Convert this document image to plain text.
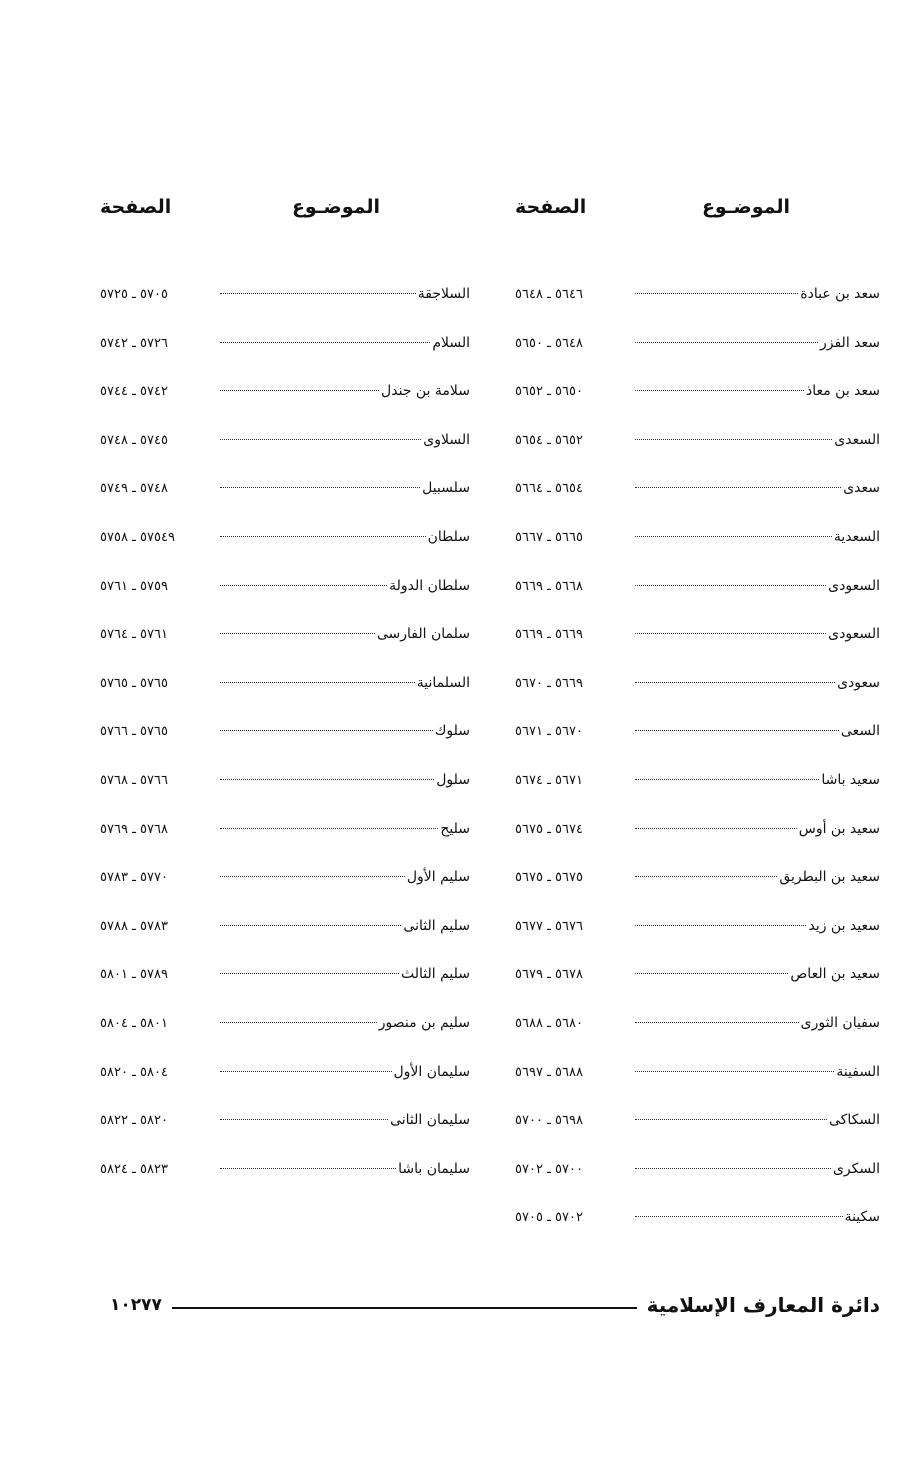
الموضـوع
الصفحة
سعد بن عبادة
٥٦٤٦ ـ ٥٦٤٨
سعد الفزر
٥٦٤٨ ـ ٥٦٥٠
سعد بن معاذ
٥٦٥٠ ـ ٥٦٥٢
السعدى
٥٦٥٢ ـ ٥٦٥٤
سعدى
٥٦٥٤ ـ ٥٦٦٤
السعدية
٥٦٦٥ ـ ٥٦٦٧
السعودى
٥٦٦٨ ـ ٥٦٦٩
السعودى
٥٦٦٩ ـ ٥٦٦٩
سعودى
٥٦٦٩ ـ ٥٦٧٠
السعى
٥٦٧٠ ـ ٥٦٧١
سعيد باشا
٥٦٧١ ـ ٥٦٧٤
سعيد بن أوس
٥٦٧٤ ـ ٥٦٧٥
سعيد بن البطريق
٥٦٧٥ ـ ٥٦٧٥
سعيد بن زيد
٥٦٧٦ ـ ٥٦٧٧
سعيد بن العاص
٥٦٧٨ ـ ٥٦٧٩
سفيان الثورى
٥٦٨٠ ـ ٥٦٨٨
السفينة
٥٦٨٨ ـ ٥٦٩٧
السكاكى
٥٦٩٨ ـ ٥٧٠٠
السكرى
٥٧٠٠ ـ ٥٧٠٢
سكينة
٥٧٠٢ ـ ٥٧٠٥
الموضـوع
الصفحة
السلاجقة
٥٧٠٥ ـ ٥٧٢٥
السلام
٥٧٢٦ ـ ٥٧٤٢
سلامة بن جندل
٥٧٤٢ ـ ٥٧٤٤
السلاوى
٥٧٤٥ ـ ٥٧٤٨
سلسبيل
٥٧٤٨ ـ ٥٧٤٩
سلطان
٥٧٥٤٩ ـ ٥٧٥٨
سلطان الدولة
٥٧٥٩ ـ ٥٧٦١
سلمان الفارسى
٥٧٦١ ـ ٥٧٦٤
السلمانية
٥٧٦٥ ـ ٥٧٦٥
سلوك
٥٧٦٥ ـ ٥٧٦٦
سلول
٥٧٦٦ ـ ٥٧٦٨
سليح
٥٧٦٨ ـ ٥٧٦٩
سليم الأول
٥٧٧٠ ـ ٥٧٨٣
سليم الثانى
٥٧٨٣ ـ ٥٧٨٨
سليم الثالث
٥٧٨٩ ـ ٥٨٠١
سليم بن منصور
٥٨٠١ ـ ٥٨٠٤
سليمان الأول
٥٨٠٤ ـ ٥٨٢٠
سليمان الثانى
٥٨٢٠ ـ ٥٨٢٢
سليمان باشا
٥٨٢٣ ـ ٥٨٢٤
دائرة المعارف الإسلامية
١٠٢٧٧
